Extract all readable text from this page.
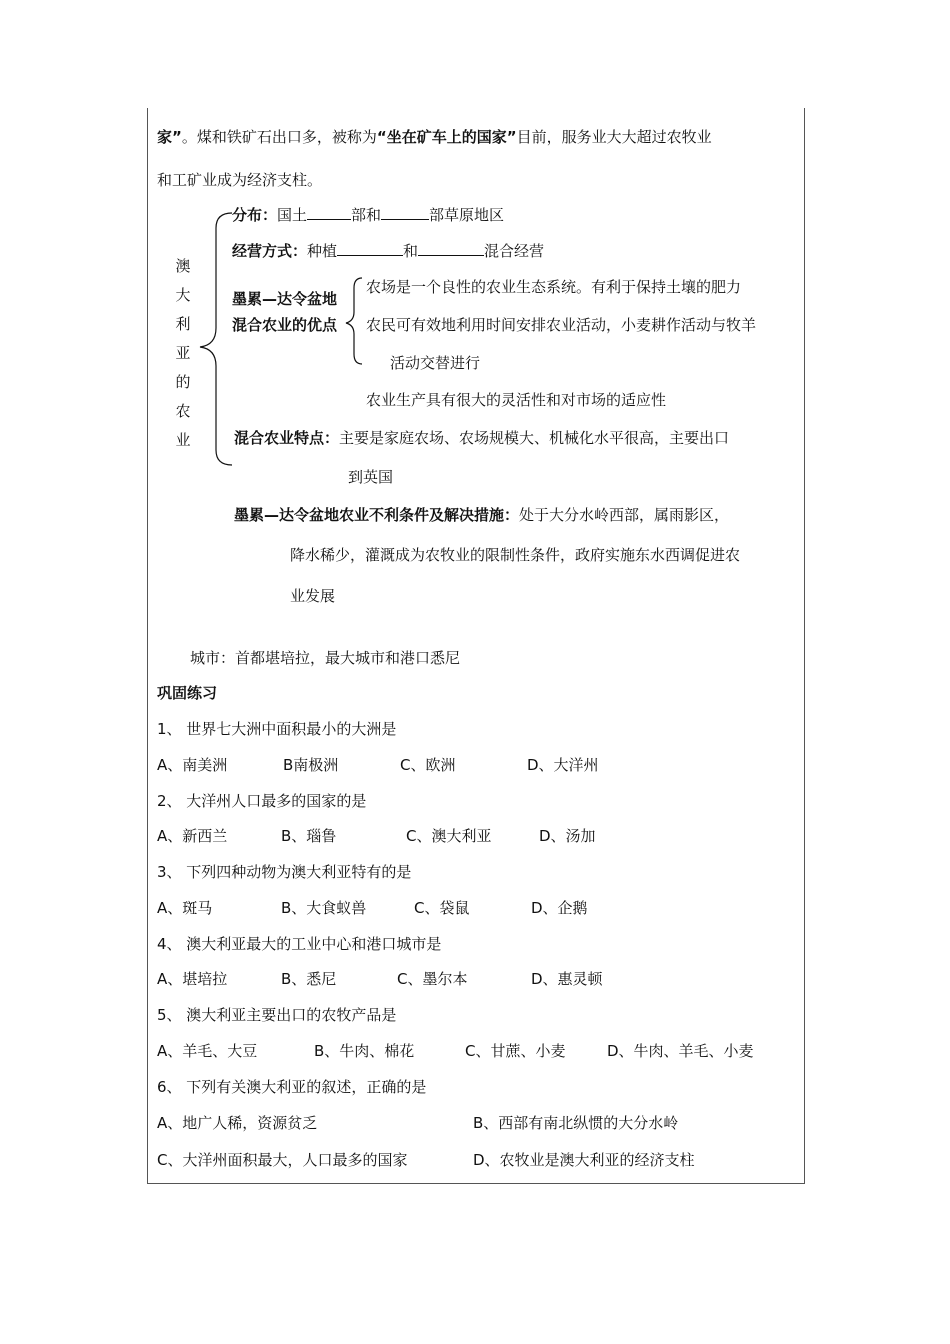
家”。煤和铁矿石出口多，被称为“坐在矿车上的国家”目前，服务业大大超过农牧业
和工矿业成为经济支柱。
澳
大
利
亚
的
农
业
分布：国土	部和	部草原地区
经营方式：种植	和	混合经营
墨累—达令盆地
混合农业的优点
农场是一个良性的农业生态系统。有利于保持土壤的肥力
农民可有效地利用时间安排农业活动，小麦耕作活动与牧羊
活动交替进行
农业生产具有很大的灵活性和对市场的适应性
混合农业特点：主要是家庭农场、农场规模大、机械化水平很高，主要出口
到英国
墨累—达令盆地农业不利条件及解决措施：处于大分水岭西部，属雨影区，
降水稀少，灌溉成为农牧业的限制性条件，政府实施东水西调促进农
业发展
城市：首都堪培拉，最大城市和港口悉尼
巩固练习
1、 世界七大洲中面积最小的大洲是
A、南美洲	B南极洲	C、欧洲	D、大洋州
2、 大洋州人口最多的国家的是
A、新西兰	B、瑙鲁	C、澳大利亚	D、汤加
3、 下列四种动物为澳大利亚特有的是
A、斑马	B、大食蚁兽	C、袋鼠	D、企鹅
4、 澳大利亚最大的工业中心和港口城市是
A、堪培拉	B、悉尼	C、墨尔本	D、惠灵顿
5、 澳大利亚主要出口的农牧产品是
A、羊毛、大豆	B、牛肉、棉花	C、甘蔗、小麦	D、牛肉、羊毛、小麦
6、 下列有关澳大利亚的叙述，正确的是
A、地广人稀，资源贫乏	B、西部有南北纵惯的大分水岭
C、大洋州面积最大，人口最多的国家	D、农牧业是澳大利亚的经济支柱
